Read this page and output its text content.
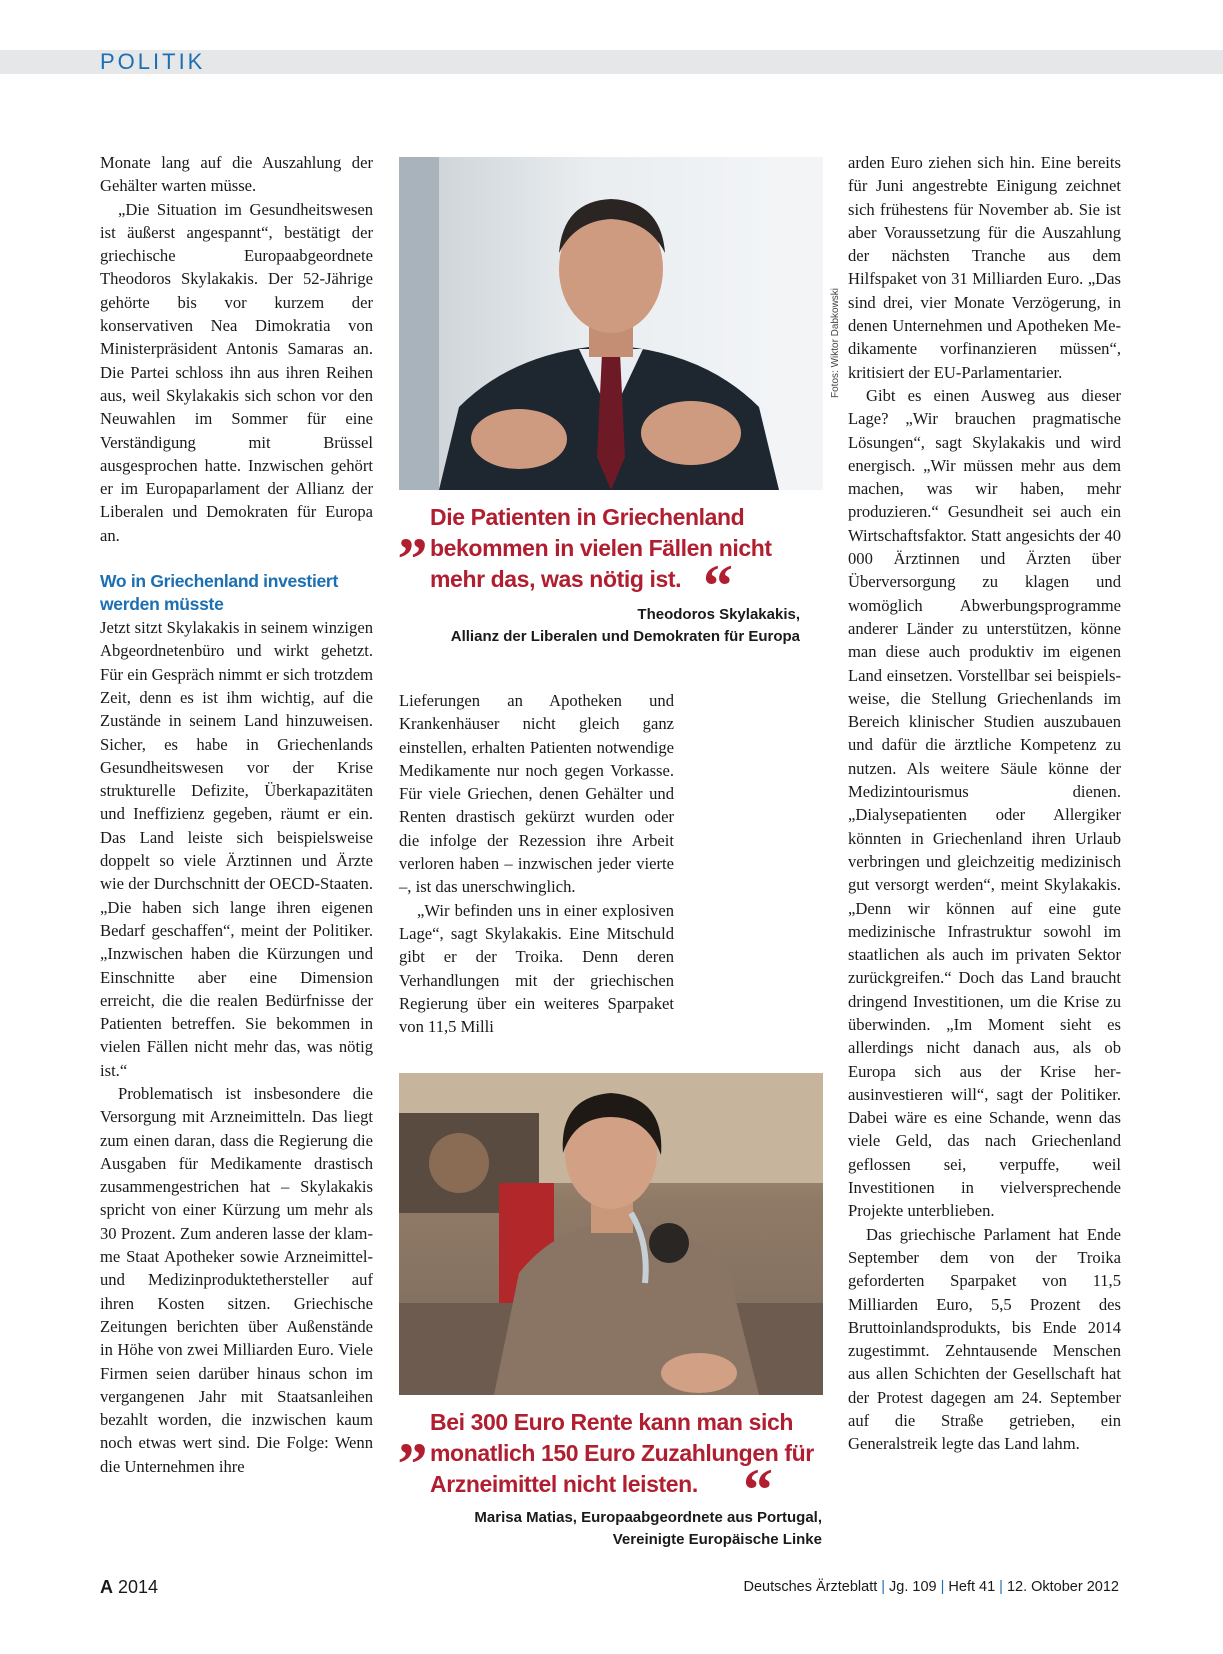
POLITIK

Monate lang auf die Auszahlung der Gehälter warten müsse.

„Die Situation im Gesundheitswesen ist äußerst angespannt“, bestätigt der griechische Europaabgeordnete Theodoros Skylakakis. Der 52-Jährige gehörte bis vor kurzem der konservativen Nea Dimokratia von Ministerpräsident Antonis Samaras an. Die Partei schloss ihn aus ihren Reihen aus, weil Skylakakis sich schon vor den Neuwahlen im Sommer für eine Verständigung mit Brüssel ausgesprochen hatte. Inzwischen gehört er im Europaparlament der Allianz der Liberalen und Demokraten für Europa an.

Wo in Griechenland investiert werden müsste

Jetzt sitzt Skylakakis in seinem winzigen Abgeordnetenbüro und wirkt gehetzt. Für ein Gespräch nimmt er sich trotzdem Zeit, denn es ist ihm wichtig, auf die Zustände in seinem Land hinzuweisen. Sicher, es habe in Griechenlands Gesundheitswesen vor der Krise strukturelle Defizite, Überkapazitäten und Ineffizienz gegeben, räumt er ein. Das Land leiste sich beispielsweise doppelt so viele Ärztinnen und Ärzte wie der Durchschnitt der OECD-Staaten. „Die haben sich lange ihren eigenen Bedarf geschaffen“, meint der Politiker. „Inzwischen haben die Kürzungen und Einschnitte aber eine Dimension erreicht, die die realen Bedürfnisse der Patienten betreffen. Sie bekommen in vielen Fällen nicht mehr das, was nötig ist.“

Problematisch ist insbesondere die Versorgung mit Arzneimitteln. Das liegt zum einen daran, dass die Regierung die Ausgaben für Medikamente drastisch zusammengestrichen hat – Skylakakis spricht von einer Kürzung um mehr als 30 Prozent. Zum anderen lasse der klamme Staat Apotheker sowie Arzneimittel- und Medizinproduktethersteller auf ihren Kosten sitzen. Griechische Zeitungen berichten über Außenstände in Höhe von zwei Milliarden Euro. Viele Firmen seien darüber hinaus schon im vergangenen Jahr mit Staatsanleihen bezahlt worden, die inzwischen kaum noch etwas wert sind. Die Folge: Wenn die Unternehmen ihre

Fotos: Wiktor Dabkowski
„ Die Patienten in Griechenland bekommen in vielen Fällen nicht mehr das, was nötig ist. “
Theodoros Skylakakis,
Allianz der Liberalen und Demokraten für Europa

Lieferungen an Apotheken und Krankenhäuser nicht gleich ganz einstellen, erhalten Patienten notwendige Medikamente nur noch gegen Vorkasse. Für viele Griechen, denen Gehälter und Renten drastisch gekürzt wurden oder die infolge der Rezession ihre Arbeit verloren haben – inzwischen jeder vierte –, ist das unerschwinglich.

„Wir befinden uns in einer explosiven Lage“, sagt Skylakakis. Eine Mitschuld gibt er der Troika. Denn deren Verhandlungen mit der griechischen Regierung über ein weiteres Sparpaket von 11,5 Milli

„ Bei 300 Euro Rente kann man sich monatlich 150 Euro Zuzahlungen für Arzneimittel nicht leisten. “
Marisa Matias, Europaabgeordnete aus Portugal,
Vereinigte Europäische Linke

arden Euro ziehen sich hin. Eine bereits für Juni angestrebte Einigung zeichnet sich frühestens für November ab. Sie ist aber Voraussetzung für die Auszahlung der nächsten Tranche aus dem Hilfspaket von 31 Milliarden Euro. „Das sind drei, vier Monate Verzögerung, in denen Unternehmen und Apotheken Medikamente vorfinanzieren müssen“, kritisiert der EU-Parlamentarier.

Gibt es einen Ausweg aus dieser Lage? „Wir brauchen pragmatische Lösungen“, sagt Skylakakis und wird energisch. „Wir müssen mehr aus dem machen, was wir haben, mehr produzieren.“ Gesundheit sei auch ein Wirtschaftsfaktor. Statt angesichts der 40 000 Ärztinnen und Ärzten über Überversorgung zu klagen und womöglich Abwerbungsprogramme anderer Länder zu unterstützen, könne man diese auch produktiv im eigenen Land einsetzen. Vorstellbar sei beispielsweise, die Stellung Griechenlands im Bereich klinischer Studien auszubauen und dafür die ärztliche Kompetenz zu nutzen. Als weitere Säule könne der Medizintourismus dienen. „Dialysepatienten oder Allergiker könnten in Griechenland ihren Urlaub verbringen und gleichzeitig medizinisch gut versorgt werden“, meint Skylakakis. „Denn wir können auf eine gute medizinische Infrastruktur sowohl im staatlichen als auch im privaten Sektor zurückgreifen.“ Doch das Land braucht dringend Investitionen, um die Krise zu überwinden. „Im Moment sieht es allerdings nicht danach aus, als ob Europa sich aus der Krise herausinvestieren will“, sagt der Politiker. Dabei wäre es eine Schande, wenn das viele Geld, das nach Griechenland geflossen sei, verpuffe, weil Investitionen in vielversprechende Projekte unterblieben.

Das griechische Parlament hat Ende September dem von der Troika geforderten Sparpaket von 11,5 Milliarden Euro, 5,5 Prozent des Bruttoinlandsprodukts, bis Ende 2014 zugestimmt. Zehntausende Menschen aus allen Schichten der Gesellschaft hat der Protest dagegen am 24. September auf die Straße getrieben, ein Generalstreik legte das Land lahm.

A 2014	Deutsches Ärzteblatt | Jg. 109 | Heft 41 | 12. Oktober 2012
